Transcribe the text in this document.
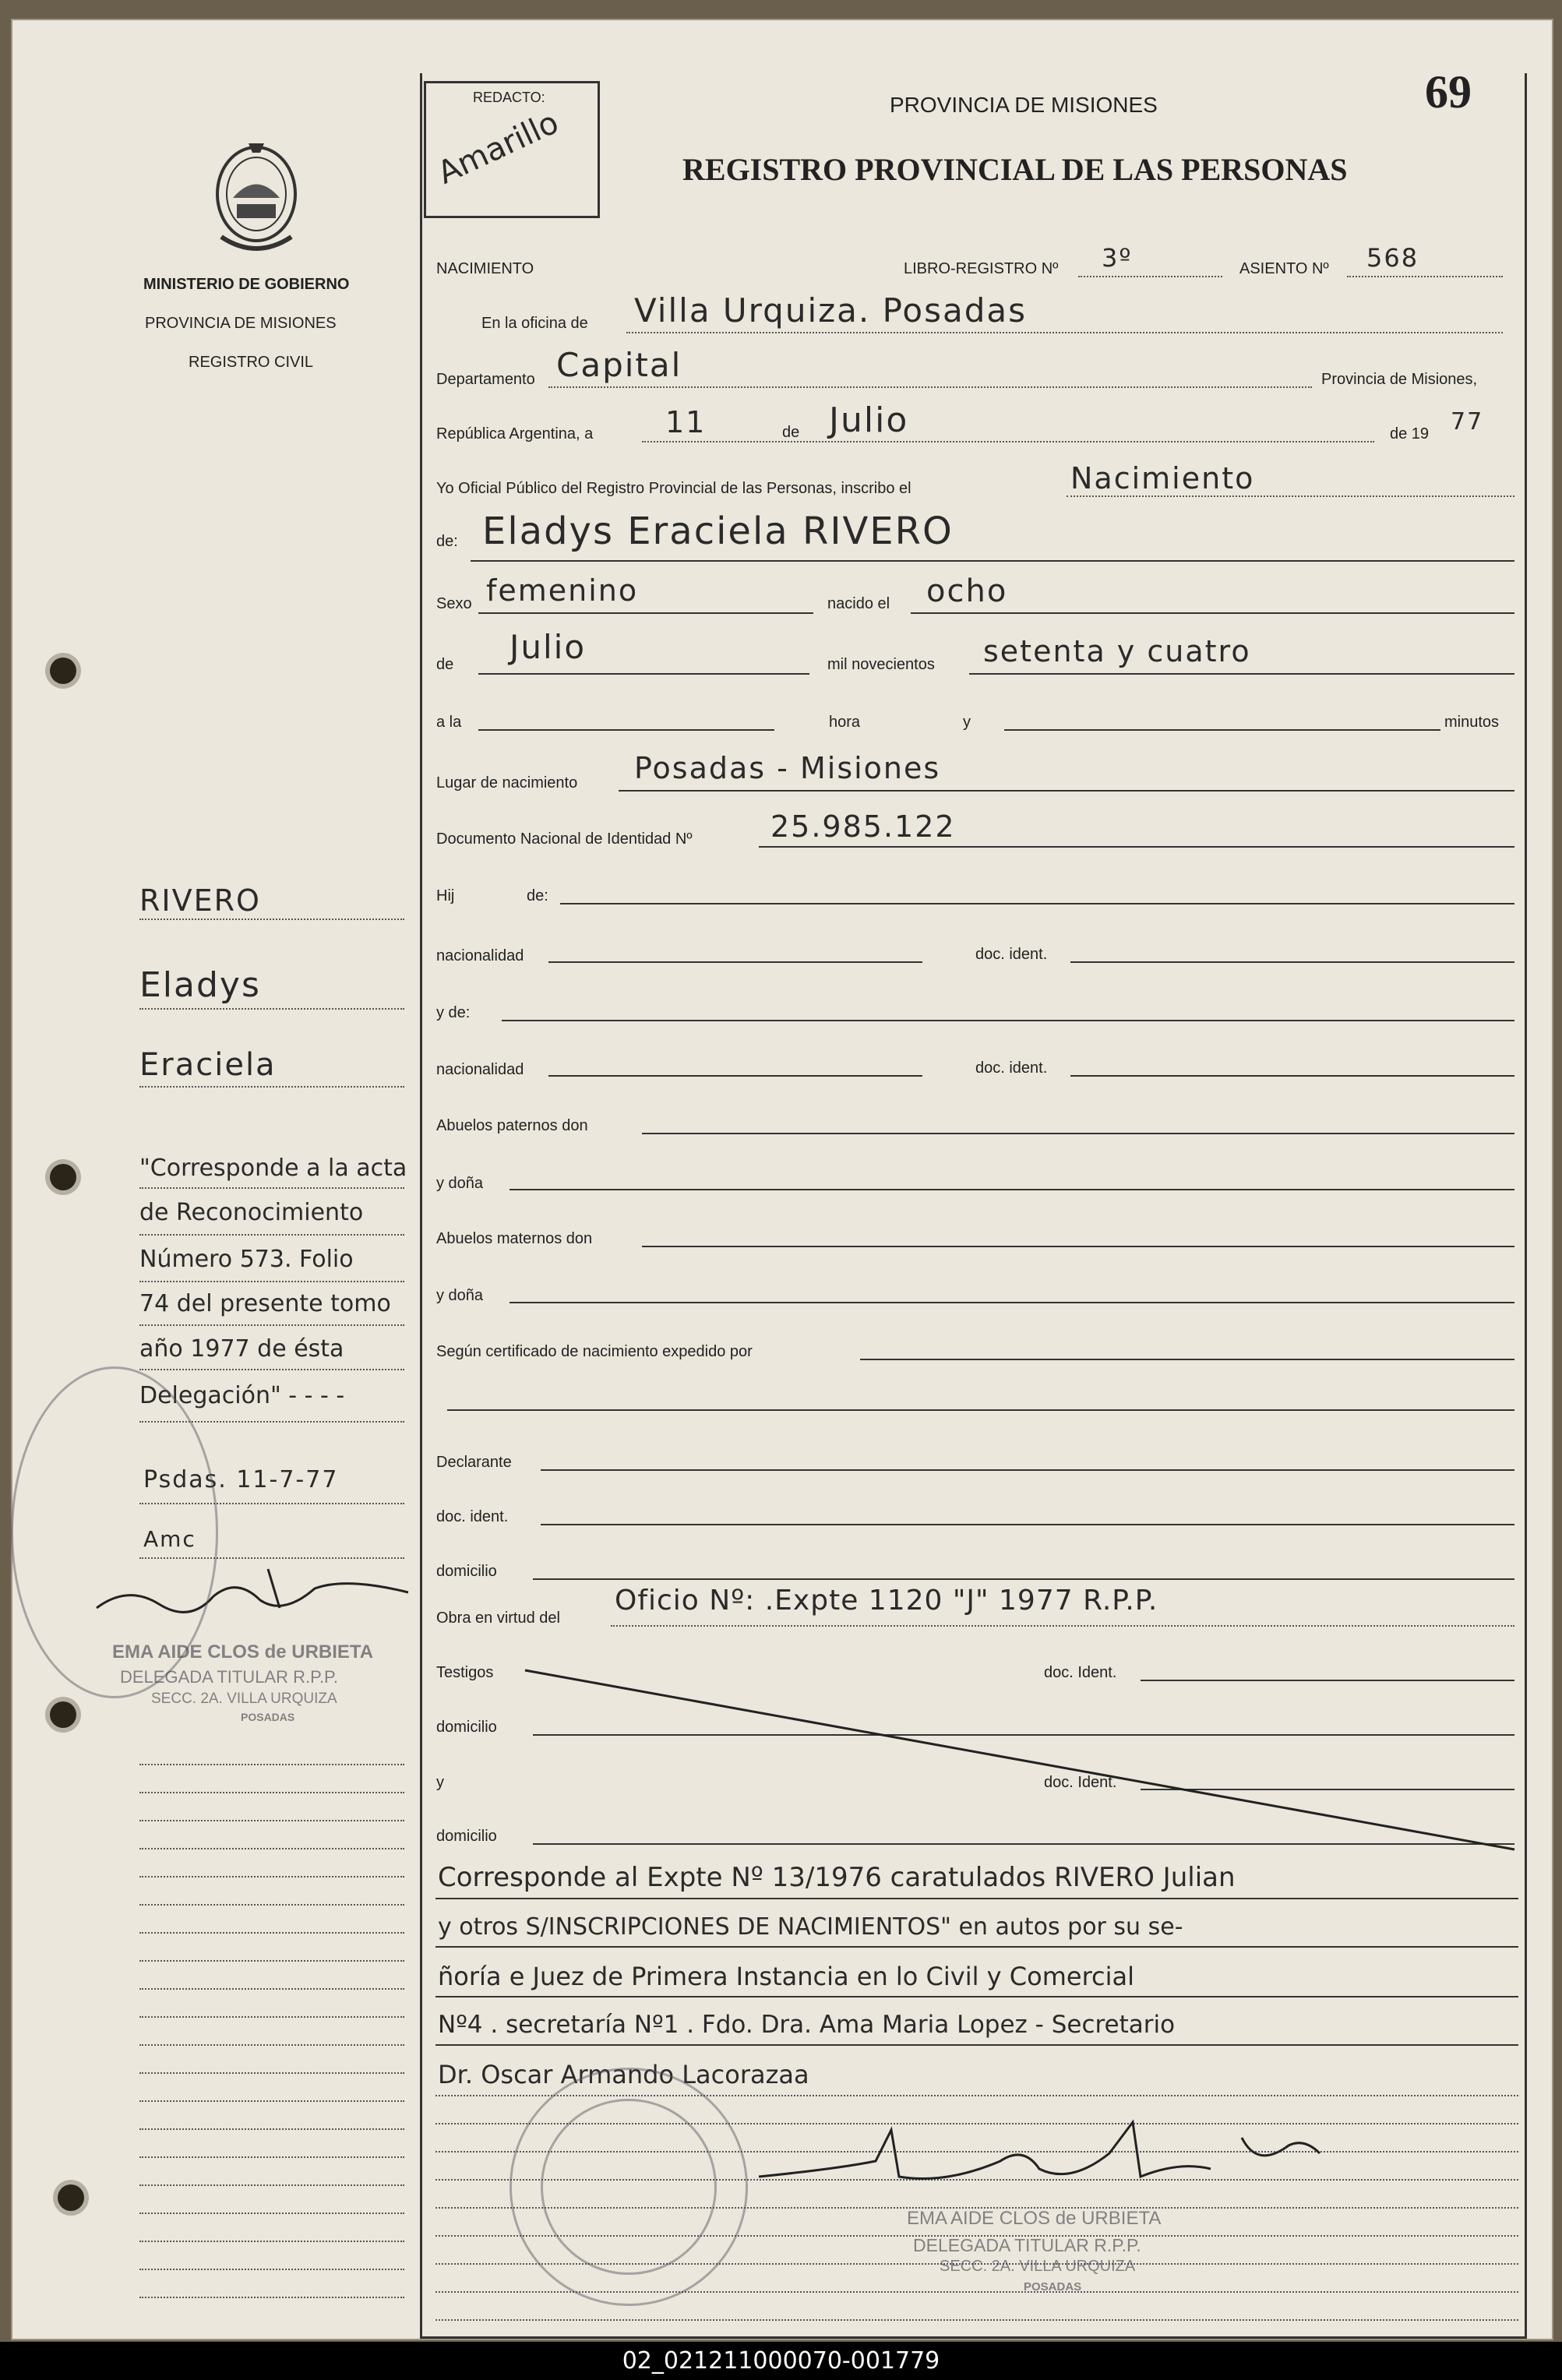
MINISTERIO DE GOBIERNO
PROVINCIA DE MISIONES
REGISTRO CIVIL
RIVERO
Eladys
Eraciela
"Corresponde a la acta
de Reconocimiento
Número 573. Folio
74 del presente tomo
año 1977 de ésta
Delegación" - - - -
Psdas. 11-7-77
Amc
EMA AIDE CLOS de URBIETA
DELEGADA TITULAR R.P.P.
SECC. 2A. VILLA URQUIZA
POSADAS
REDACTO:
Amarillo
69
PROVINCIA DE MISIONES
REGISTRO PROVINCIAL DE LAS PERSONAS
NACIMIENTO	LIBRO-REGISTRO Nº 3º	ASIENTO Nº 568
En la oficina de Villa Urquiza. Posadas
Departamento Capital	Provincia de Misiones,
República Argentina, a 11	de Julio	de 19 77
Yo Oficial Público del Registro Provincial de las Personas, inscribo el	Nacimiento
de: Eladys Eraciela RIVERO
Sexo femenino	nacido el ocho
de Julio	mil novecientos setenta y cuatro
a la	hora	y	minutos
Lugar de nacimiento Posadas - Misiones
Documento Nacional de Identidad Nº	25.985.122
Hij	de:
nacionalidad	doc. ident.
y de:
nacionalidad	doc. ident.
Abuelos paternos don
y doña
Abuelos maternos don
y doña
Según certificado de nacimiento expedido por
Declarante
doc. ident.
domicilio
Obra en virtud del
Oficio Nº: .Expte 1120 "J" 1977 R.P.P.
Testigos	doc. Ident.
domicilio
y	doc. Ident.
domicilio
Corresponde al Expte Nº 13/1976 caratulados RIVERO Julian
y otros S/INSCRIPCIONES DE NACIMIENTOS" en autos por su se-
ñoría e Juez de Primera Instancia en lo Civil y Comercial
Nº4 . secretaría Nº1 . Fdo. Dra. Ama Maria Lopez - Secretario
Dr. Oscar Armando Lacorazaa
EMA AIDE CLOS de URBIETA
DELEGADA TITULAR R.P.P.
SECC. 2A. VILLA URQUIZA
POSADAS
02_021211000070-001779
